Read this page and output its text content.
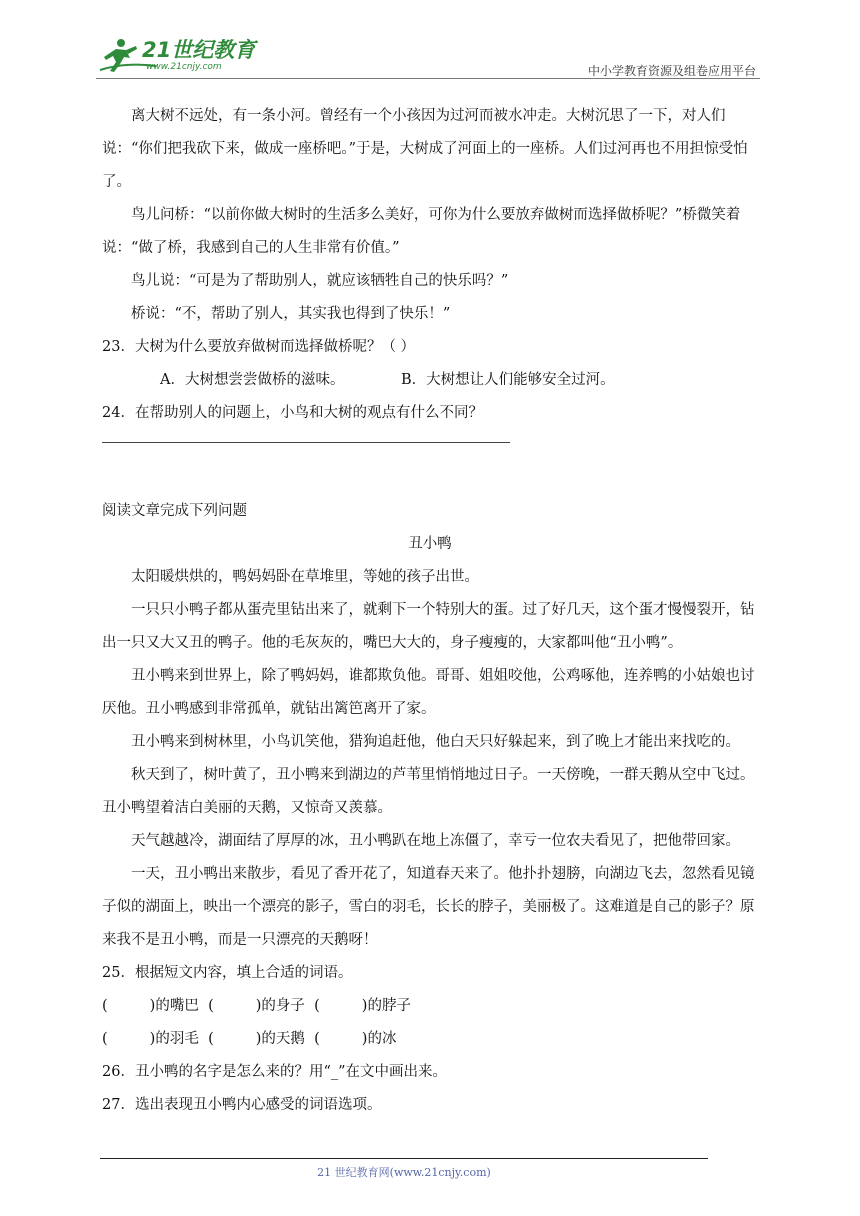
21世纪教育
www.21cnjy.com	中小学教育资源及组卷应用平台

离大树不远处，有一条小河。曾经有一个小孩因为过河而被水冲走。大树沉思了一下，对人们说：“你们把我砍下来，做成一座桥吧。”于是，大树成了河面上的一座桥。人们过河再也不用担惊受怕了。

鸟儿问桥：“以前你做大树时的生活多么美好，可你为什么要放弃做树而选择做桥呢？”桥微笑着说：“做了桥，我感到自己的人生非常有价值。”

鸟儿说：“可是为了帮助别人，就应该牺牲自己的快乐吗？”

桥说：“不，帮助了别人，其实我也得到了快乐！”

23．大树为什么要放弃做树而选择做桥呢？（ ）

A．大树想尝尝做桥的滋味。	B．大树想让人们能够安全过河。

24．在帮助别人的问题上，小鸟和大树的观点有什么不同？

阅读文章完成下列问题

丑小鸭

太阳暖烘烘的，鸭妈妈卧在草堆里，等她的孩子出世。

一只只小鸭子都从蛋壳里钻出来了，就剩下一个特别大的蛋。过了好几天，这个蛋才慢慢裂开，钻出一只又大又丑的鸭子。他的毛灰灰的，嘴巴大大的，身子瘦瘦的，大家都叫他“丑小鸭”。

丑小鸭来到世界上，除了鸭妈妈，谁都欺负他。哥哥、姐姐咬他，公鸡啄他，连养鸭的小姑娘也讨厌他。丑小鸭感到非常孤单，就钻出篱笆离开了家。

丑小鸭来到树林里，小鸟讥笑他，猎狗追赶他，他白天只好躲起来，到了晚上才能出来找吃的。

秋天到了，树叶黄了，丑小鸭来到湖边的芦苇里悄悄地过日子。一天傍晚，一群天鹅从空中飞过。丑小鸭望着洁白美丽的天鹅，又惊奇又羡慕。

天气越越冷，湖面结了厚厚的冰，丑小鸭趴在地上冻僵了，幸亏一位农夫看见了，把他带回家。

一天，丑小鸭出来散步，看见了香开花了，知道春天来了。他扑扑翅膀，向湖边飞去，忽然看见镜子似的湖面上，映出一个漂亮的影子，雪白的羽毛，长长的脖子，美丽极了。这难道是自己的影子？原来我不是丑小鸭，而是一只漂亮的天鹅呀！

25．根据短文内容，填上合适的词语。

(	)的嘴巴 (	)的身子 (	)的脖子

(	)的羽毛 (	)的天鹅 (	)的冰

26．丑小鸭的名字是怎么来的？用“_”在文中画出来。

27．选出表现丑小鸭内心感受的词语选项。

21 世纪教育网(www.21cnjy.com)
